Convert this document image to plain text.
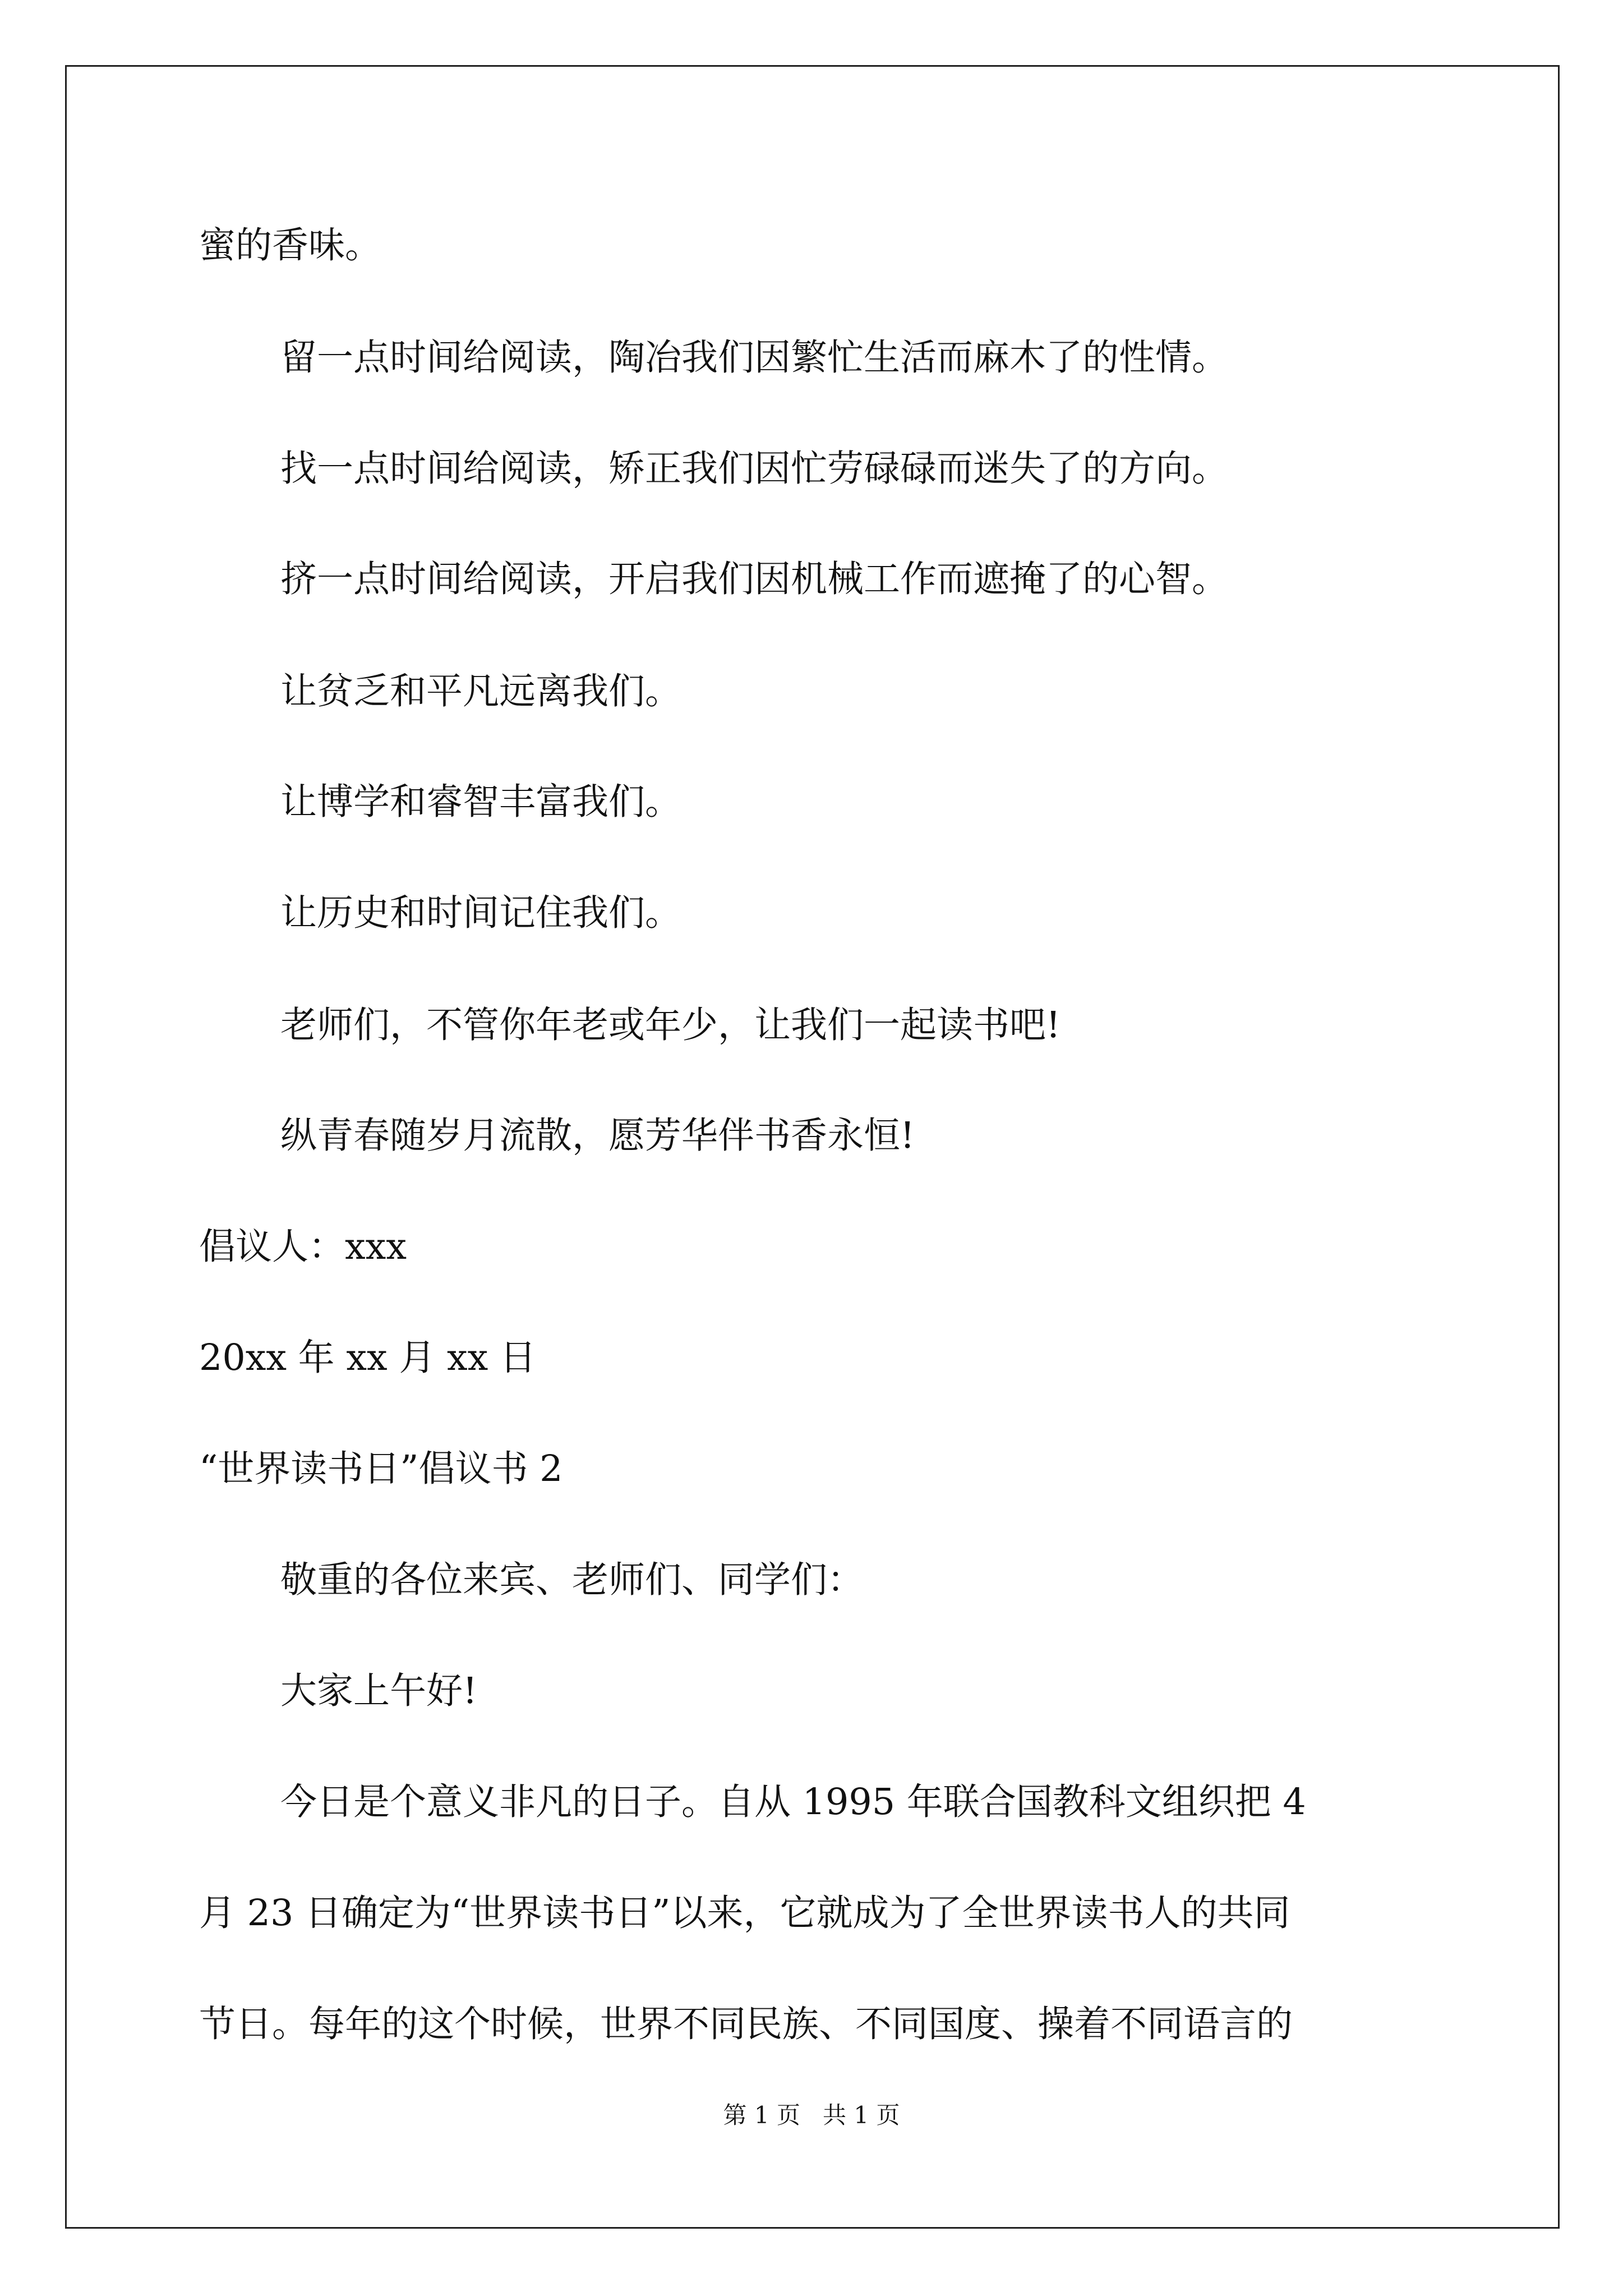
蜜的香味。

留一点时间给阅读，陶冶我们因繁忙生活而麻木了的性情。

找一点时间给阅读，矫正我们因忙劳碌碌而迷失了的方向。

挤一点时间给阅读，开启我们因机械工作而遮掩了的心智。

让贫乏和平凡远离我们。

让博学和睿智丰富我们。

让历史和时间记住我们。

老师们，不管你年老或年少，让我们一起读书吧!

纵青春随岁月流散，愿芳华伴书香永恒!

倡议人：xxx

20xx 年 xx 月 xx 日

“世界读书日”倡议书 2

敬重的各位来宾、老师们、同学们：

大家上午好!

今日是个意义非凡的日子。自从 1995 年联合国教科文组织把 4

月 23 日确定为“世界读书日”以来，它就成为了全世界读书人的共同

节日。每年的这个时候，世界不同民族、不同国度、操着不同语言的

第 1 页   共 1 页
